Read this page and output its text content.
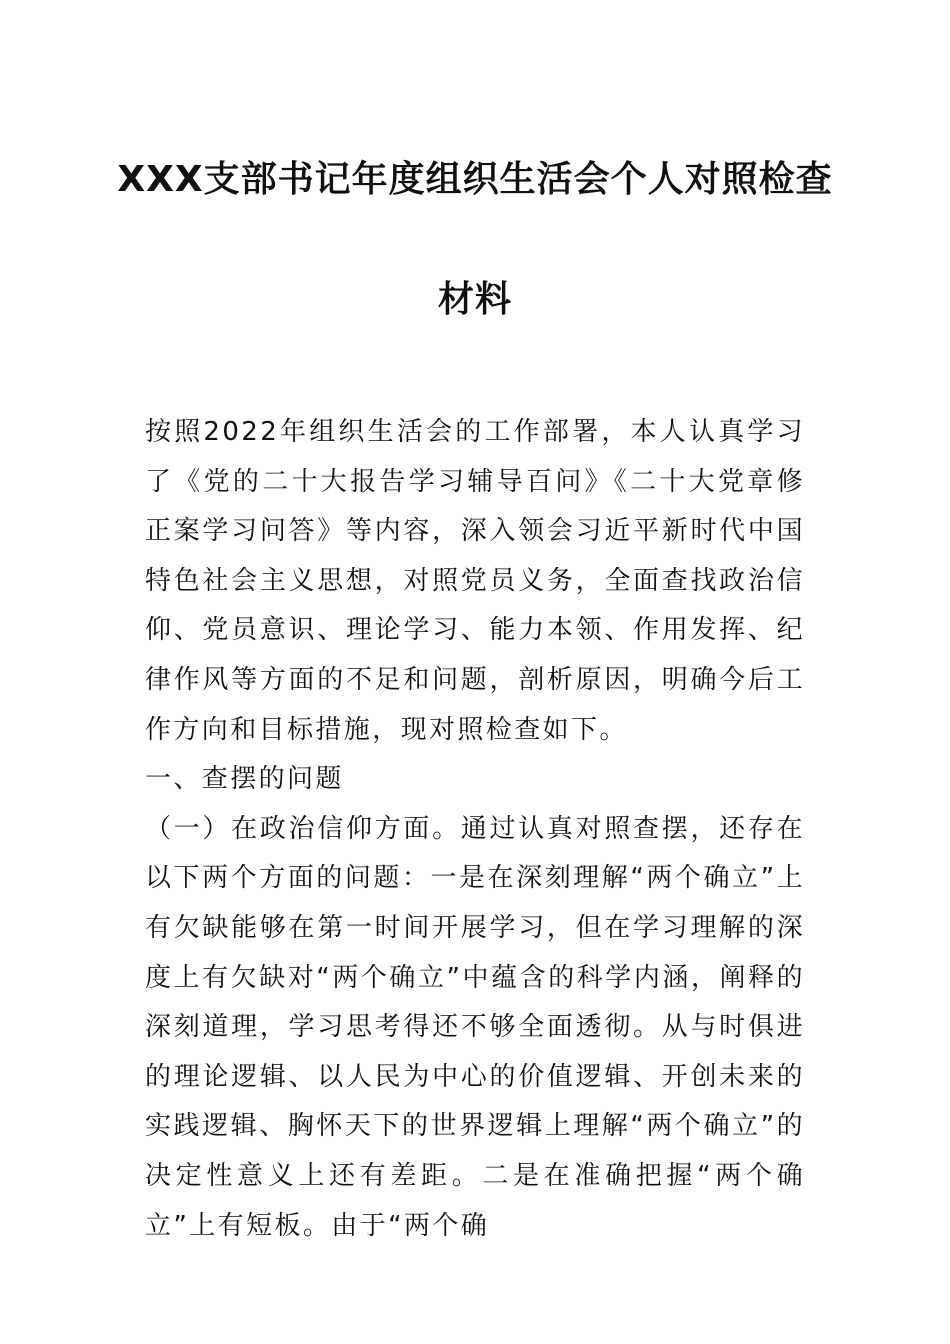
XXX支部书记年度组织生活会个人对照检查
材料

按照2022年组织生活会的工作部署，本人认真学习了《党的二十大报告学习辅导百问》《二十大党章修正案学习问答》等内容，深入领会习近平新时代中国特色社会主义思想，对照党员义务，全面查找政治信仰、党员意识、理论学习、能力本领、作用发挥、纪律作风等方面的不足和问题，剖析原因，明确今后工作方向和目标措施，现对照检查如下。

一、查摆的问题

（一）在政治信仰方面。通过认真对照查摆，还存在以下两个方面的问题：一是在深刻理解“两个确立”上有欠缺能够在第一时间开展学习，但在学习理解的深度上有欠缺对“两个确立”中蕴含的科学内涵，阐释的深刻道理，学习思考得还不够全面透彻。从与时俱进的理论逻辑、以人民为中心的价值逻辑、开创未来的实践逻辑、胸怀天下的世界逻辑上理解“两个确立”的决定性意义上还有差距。二是在准确把握“两个确立”上有短板。由于“两个确
